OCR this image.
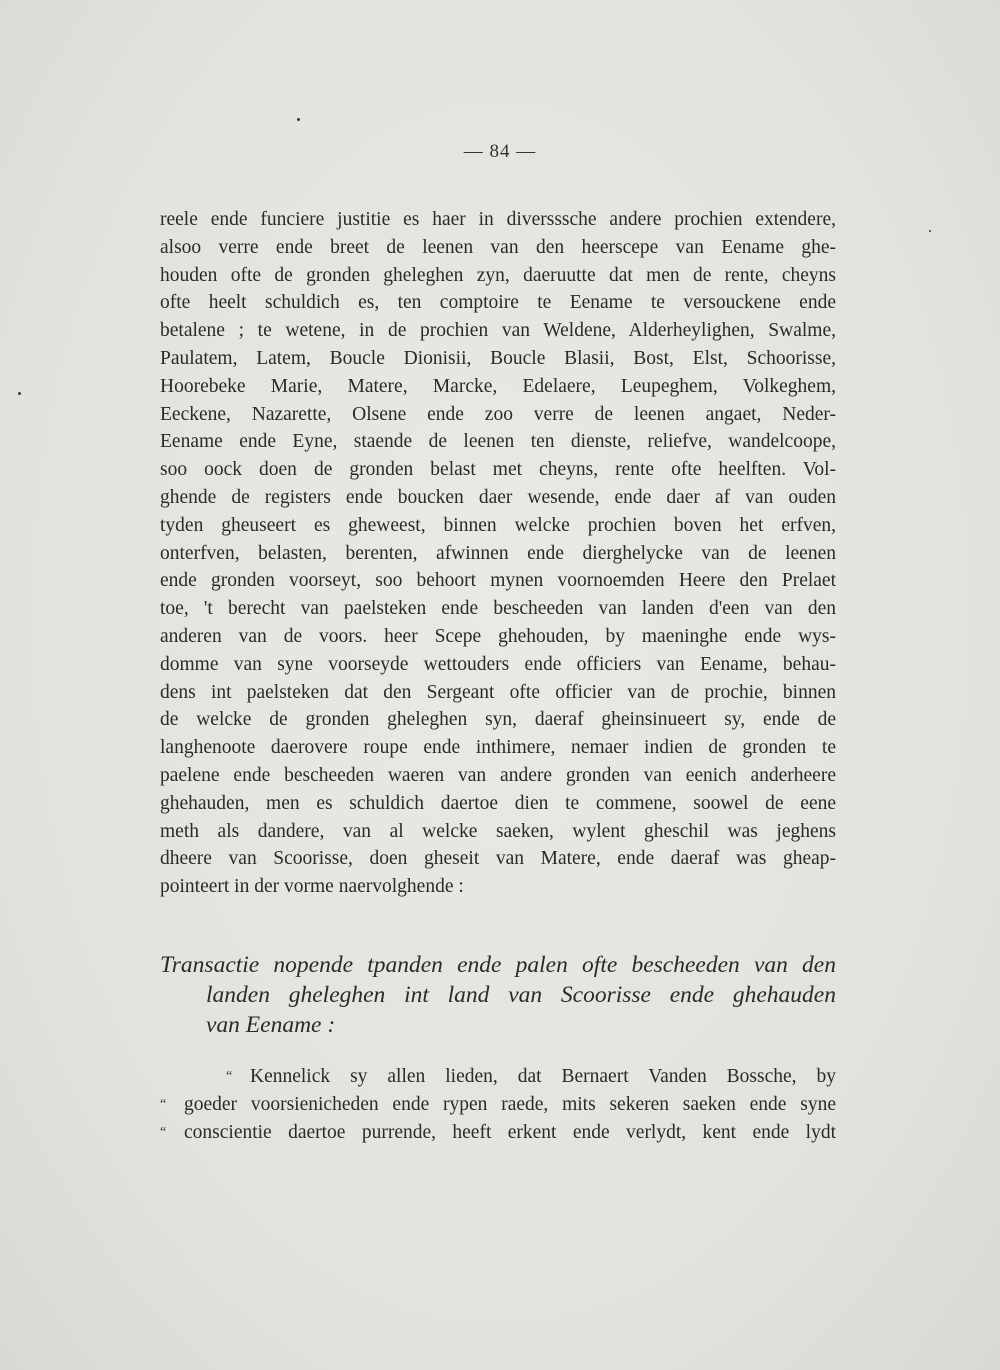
— 84 —
reele ende funciere justitie es haer in diversssche andere prochien extendere,
alsoo verre ende breet de leenen van den heerscepe van Eename ghe-
houden ofte de gronden gheleghen zyn, daeruutte dat men de rente, cheyns
ofte heelt schuldich es, ten comptoire te Eename te versouckene ende
betalene ; te wetene, in de prochien van Weldene, Alderheylighen, Swalme,
Paulatem, Latem, Boucle Dionisii, Boucle Blasii, Bost, Elst, Schoorisse,
Hoorebeke Marie, Matere, Marcke, Edelaere, Leupeghem, Volkeghem,
Eeckene, Nazarette, Olsene ende zoo verre de leenen angaet, Neder-
Eename ende Eyne, staende de leenen ten dienste, reliefve, wandelcoope,
soo oock doen de gronden belast met cheyns, rente ofte heelften. Vol-
ghende de registers ende boucken daer wesende, ende daer af van ouden
tyden gheuseert es gheweest, binnen welcke prochien boven het erfven,
onterfven, belasten, berenten, afwinnen ende dierghelycke van de leenen
ende gronden voorseyt, soo behoort mynen voornoemden Heere den Prelaet
toe, 't berecht van paelsteken ende bescheeden van landen d'een van den
anderen van de voors. heer Scepe ghehouden, by maeninghe ende wys-
domme van syne voorseyde wettouders ende officiers van Eename, behau-
dens int paelsteken dat den Sergeant ofte officier van de prochie, binnen
de welcke de gronden gheleghen syn, daeraf gheinsinueert sy, ende de
langhenoote daerovere roupe ende inthimere, nemaer indien de gronden te
paelene ende bescheeden waeren van andere gronden van eenich anderheere
ghehauden, men es schuldich daertoe dien te commene, soowel de eene
meth als dandere, van al welcke saeken, wylent gheschil was jeghens
dheere van Scoorisse, doen gheseit van Matere, ende daeraf was gheap-
pointeert in der vorme naervolghende :
Transactie nopende tpanden ende palen ofte bescheeden van den
landen gheleghen int land van Scoorisse ende ghehauden
van Eename :
“ Kennelick sy allen lieden, dat Bernaert Vanden Bossche, by
“ goeder voorsienicheden ende rypen raede, mits sekeren saeken ende syne
“ conscientie daertoe purrende, heeft erkent ende verlydt, kent ende lydt
